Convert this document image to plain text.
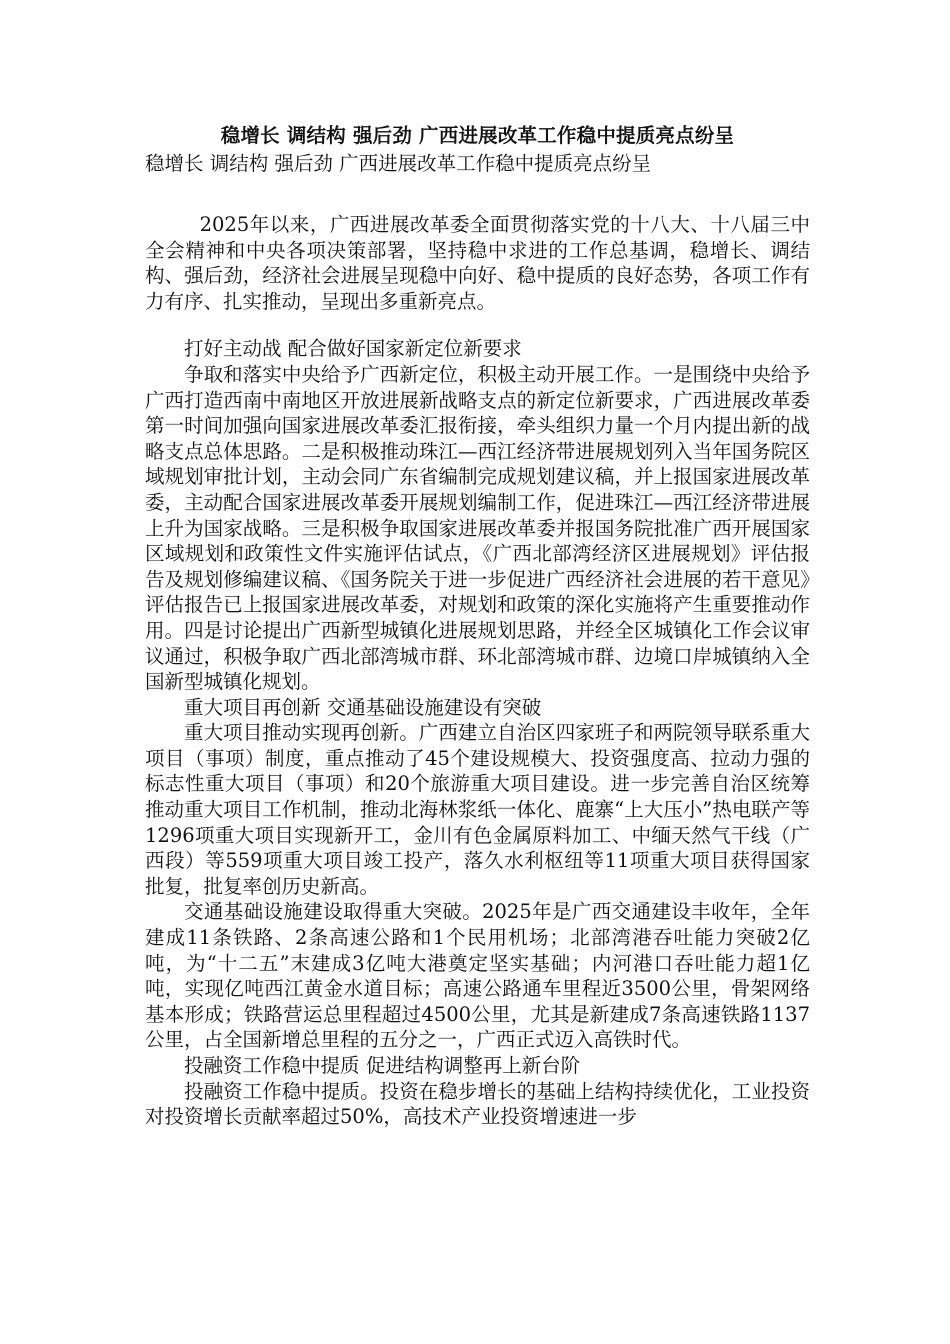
稳增长 调结构 强后劲 广西进展改革工作稳中提质亮点纷呈
稳增长 调结构 强后劲 广西进展改革工作稳中提质亮点纷呈

2025年以来，广西进展改革委全面贯彻落实党的十八大、十八届三中全会精神和中央各项决策部署，坚持稳中求进的工作总基调，稳增长、调结构、强后劲，经济社会进展呈现稳中向好、稳中提质的良好态势，各项工作有力有序、扎实推动，呈现出多重新亮点。

打好主动战 配合做好国家新定位新要求

争取和落实中央给予广西新定位，积极主动开展工作。一是围绕中央给予广西打造西南中南地区开放进展新战略支点的新定位新要求，广西进展改革委第一时间加强向国家进展改革委汇报衔接，牵头组织力量一个月内提出新的战略支点总体思路。二是积极推动珠江—西江经济带进展规划列入当年国务院区域规划审批计划，主动会同广东省编制完成规划建议稿，并上报国家进展改革委，主动配合国家进展改革委开展规划编制工作，促进珠江—西江经济带进展上升为国家战略。三是积极争取国家进展改革委并报国务院批准广西开展国家区域规划和政策性文件实施评估试点，《广西北部湾经济区进展规划》评估报告及规划修编建议稿、《国务院关于进一步促进广西经济社会进展的若干意见》评估报告已上报国家进展改革委，对规划和政策的深化实施将产生重要推动作用。四是讨论提出广西新型城镇化进展规划思路，并经全区城镇化工作会议审议通过，积极争取广西北部湾城市群、环北部湾城市群、边境口岸城镇纳入全国新型城镇化规划。

重大项目再创新 交通基础设施建设有突破

重大项目推动实现再创新。广西建立自治区四家班子和两院领导联系重大项目（事项）制度，重点推动了45个建设规模大、投资强度高、拉动力强的标志性重大项目（事项）和20个旅游重大项目建设。进一步完善自治区统筹推动重大项目工作机制，推动北海林浆纸一体化、鹿寨“上大压小”热电联产等1296项重大项目实现新开工，金川有色金属原料加工、中缅天然气干线（广西段）等559项重大项目竣工投产，落久水利枢纽等11项重大项目获得国家批复，批复率创历史新高。

交通基础设施建设取得重大突破。2025年是广西交通建设丰收年，全年建成11条铁路、2条高速公路和1个民用机场；北部湾港吞吐能力突破2亿吨，为“十二五”末建成3亿吨大港奠定坚实基础；内河港口吞吐能力超1亿吨，实现亿吨西江黄金水道目标；高速公路通车里程近3500公里，骨架网络基本形成；铁路营运总里程超过4500公里，尤其是新建成7条高速铁路1137公里，占全国新增总里程的五分之一，广西正式迈入高铁时代。

投融资工作稳中提质 促进结构调整再上新台阶

投融资工作稳中提质。投资在稳步增长的基础上结构持续优化，工业投资对投资增长贡献率超过50%，高技术产业投资增速进一步
